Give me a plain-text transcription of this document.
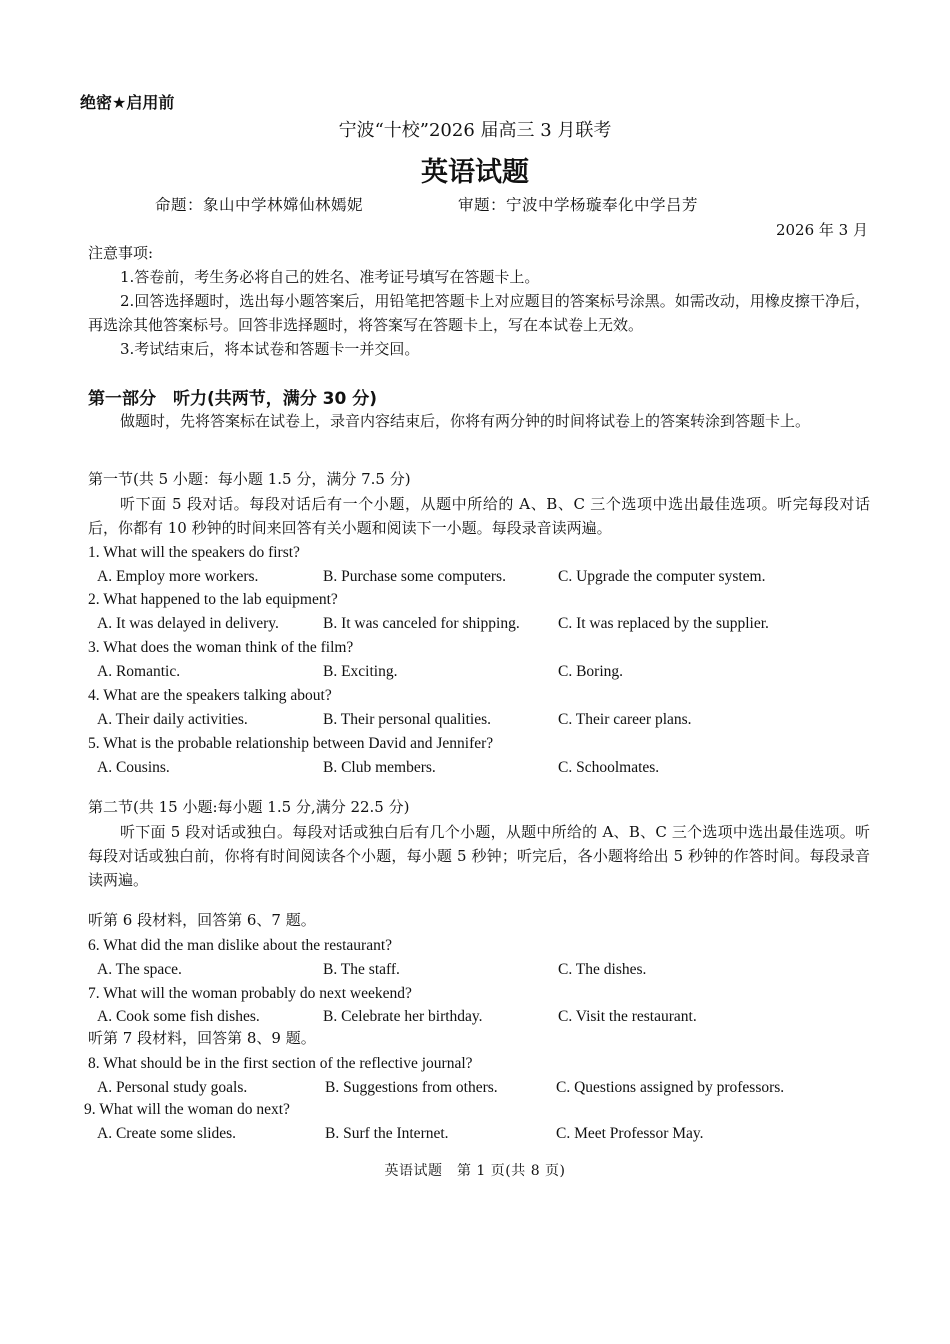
绝密★启用前
宁波“十校”2026 届高三 3 月联考
英语试题
命题：象山中学林嫦仙林嫣妮	审题：宁波中学杨璇奉化中学吕芳
2026 年 3 月
注意事项:
1.答卷前，考生务必将自己的姓名、准考证号填写在答题卡上。
2.回答选择题时，选出每小题答案后，用铅笔把答题卡上对应题目的答案标号涂黑。如需改动，用橡皮擦干净后，再选涂其他答案标号。回答非选择题时，将答案写在答题卡上，写在本试卷上无效。
3.考试结束后，将本试卷和答题卡一并交回。
第一部分　听力(共两节，满分 30 分)
做题时，先将答案标在试卷上，录音内容结束后，你将有两分钟的时间将试卷上的答案转涂到答题卡上。
第一节(共 5 小题：每小题 1.5 分，满分 7.5 分)
听下面 5 段对话。每段对话后有一个小题，从题中所给的 A、B、C 三个选项中选出最佳选项。听完每段对话后，你都有 10 秒钟的时间来回答有关小题和阅读下一小题。每段录音读两遍。
1. What will the speakers do first?
A. Employ more workers.	B. Purchase some computers.	C. Upgrade the computer system.
2. What happened to the lab equipment?
A. It was delayed in delivery.	B. It was canceled for shipping. C. It was replaced by the supplier.
3. What does the woman think of the film?
A. Romantic.	B. Exciting.	C. Boring.
4. What are the speakers talking about?
A. Their daily activities.	B. Their personal qualities.	C. Their career plans.
5. What is the probable relationship between David and Jennifer?
A. Cousins.	B. Club members.	C. Schoolmates.
第二节(共 15 小题:每小题 1.5 分,满分 22.5 分)
听下面 5 段对话或独白。每段对话或独白后有几个小题，从题中所给的 A、B、C 三个选项中选出最佳选项。听每段对话或独白前，你将有时间阅读各个小题，每小题 5 秒钟；听完后，各小题将给出 5 秒钟的作答时间。每段录音读两遍。
听第 6 段材料，回答第 6、7 题。
6. What did the man dislike about the restaurant?
A. The space.	B. The staff.	C. The dishes.
7. What will the woman probably do next weekend?
A. Cook some fish dishes.	B. Celebrate her birthday.	C. Visit the restaurant.
听第 7 段材料，回答第 8、9 题。
8. What should be in the first section of the reflective journal?
A. Personal study goals.	B. Suggestions from others.	C. Questions assigned by professors.
9. What will the woman do next?
A. Create some slides.	B. Surf the Internet.	C. Meet Professor May.
英语试题　第 1 页(共 8 页)
